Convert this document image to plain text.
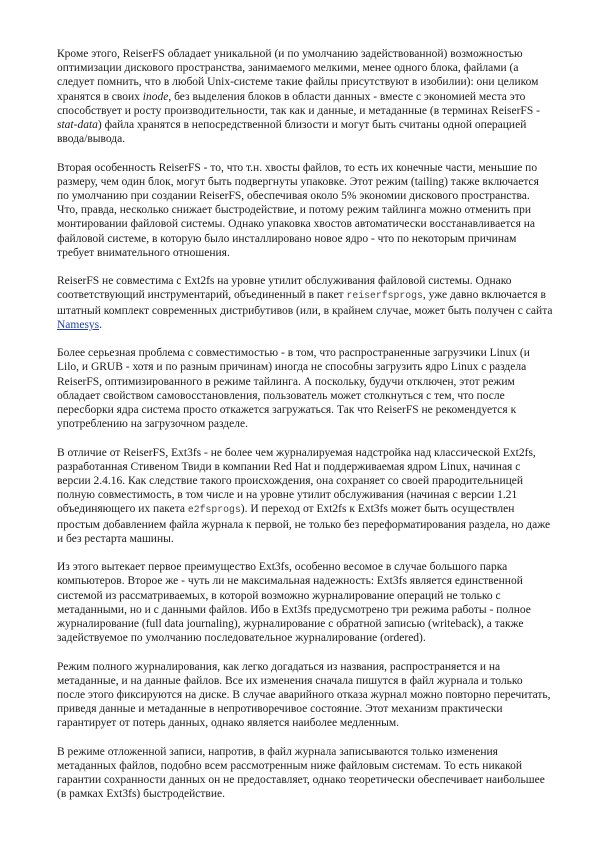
Кроме этого, ReiserFS обладает уникальной (и по умолчанию задействованной) возможностью оптимизации дискового пространства, занимаемого мелкими, менее одного блока, файлами (а следует помнить, что в любой Unix-системе такие файлы присутствуют в изобилии): они целиком хранятся в своих inode, без выделения блоков в области данных - вместе с экономией места это способствует и росту производительности, так как и данные, и метаданные (в терминах ReiserFS - stat-data) файла хранятся в непосредственной близости и могут быть считаны одной операцией ввода/вывода.

Вторая особенность ReiserFS - то, что т.н. хвосты файлов, то есть их конечные части, меньшие по размеру, чем один блок, могут быть подвергнуты упаковке. Этот режим (tailing) также включается по умолчанию при создании ReiserFS, обеспечивая около 5% экономии дискового пространства. Что, правда, несколько снижает быстродействие, и потому режим тайлинга можно отменить при монтировании файловой системы. Однако упаковка хвостов автоматически восстанавливается на файловой системе, в которую было инсталлировано новое ядро - что по некоторым причинам требует внимательного отношения.

ReiserFS не совместима с Ext2fs на уровне утилит обслуживания файловой системы. Однако соответствующий инструментарий, объединенный в пакет reiserfsprogs, уже давно включается в штатный комплект современных дистрибутивов (или, в крайнем случае, может быть получен с сайта Namesys.

Более серьезная проблема с совместимостью - в том, что распространенные загрузчики Linux (и Lilo, и GRUB - хотя и по разным причинам) иногда не способны загрузить ядро Linux с раздела ReiserFS, оптимизированного в режиме тайлинга. А поскольку, будучи отключен, этот режим обладает свойством самовосстановления, пользователь может столкнуться с тем, что после пересборки ядра система просто откажется загружаться. Так что ReiserFS не рекомендуется к употреблению на загрузочном разделе.

В отличие от ReiserFS, Ext3fs - не более чем журналируемая надстройка над классической Ext2fs, разработанная Стивеном Твиди в компании Red Hat и поддерживаемая ядром Linux, начиная с версии 2.4.16. Как следствие такого происхождения, она сохраняет со своей прародительницей полную совместимость, в том числе и на уровне утилит обслуживания (начиная с версии 1.21 объединяющего их пакета e2fsprogs). И переход от Ext2fs к Ext3fs может быть осуществлен простым добавлением файла журнала к первой, не только без переформатирования раздела, но даже и без рестарта машины.

Из этого вытекает первое преимущество Ext3fs, особенно весомое в случае большого парка компьютеров. Второе же - чуть ли не максимальная надежность: Ext3fs является единственной системой из рассматриваемых, в которой возможно журналирование операций не только с метаданными, но и с данными файлов. Ибо в Ext3fs предусмотрено три режима работы - полное журналирование (full data journaling), журналирование с обратной записью (writeback), а также задействуемое по умолчанию последовательное журналирование (ordered).

Режим полного журналирования, как легко догадаться из названия, распространяется и на метаданные, и на данные файлов. Все их изменения сначала пишутся в файл журнала и только после этого фиксируются на диске. В случае аварийного отказа журнал можно повторно перечитать, приведя данные и метаданные в непротиворечивое состояние. Этот механизм практически гарантирует от потерь данных, однако является наиболее медленным.

В режиме отложенной записи, напротив, в файл журнала записываются только изменения метаданных файлов, подобно всем рассмотренным ниже файловым системам. То есть никакой гарантии сохранности данных он не предоставляет, однако теоретически обеспечивает наибольшее (в рамках Ext3fs) быстродействие.
